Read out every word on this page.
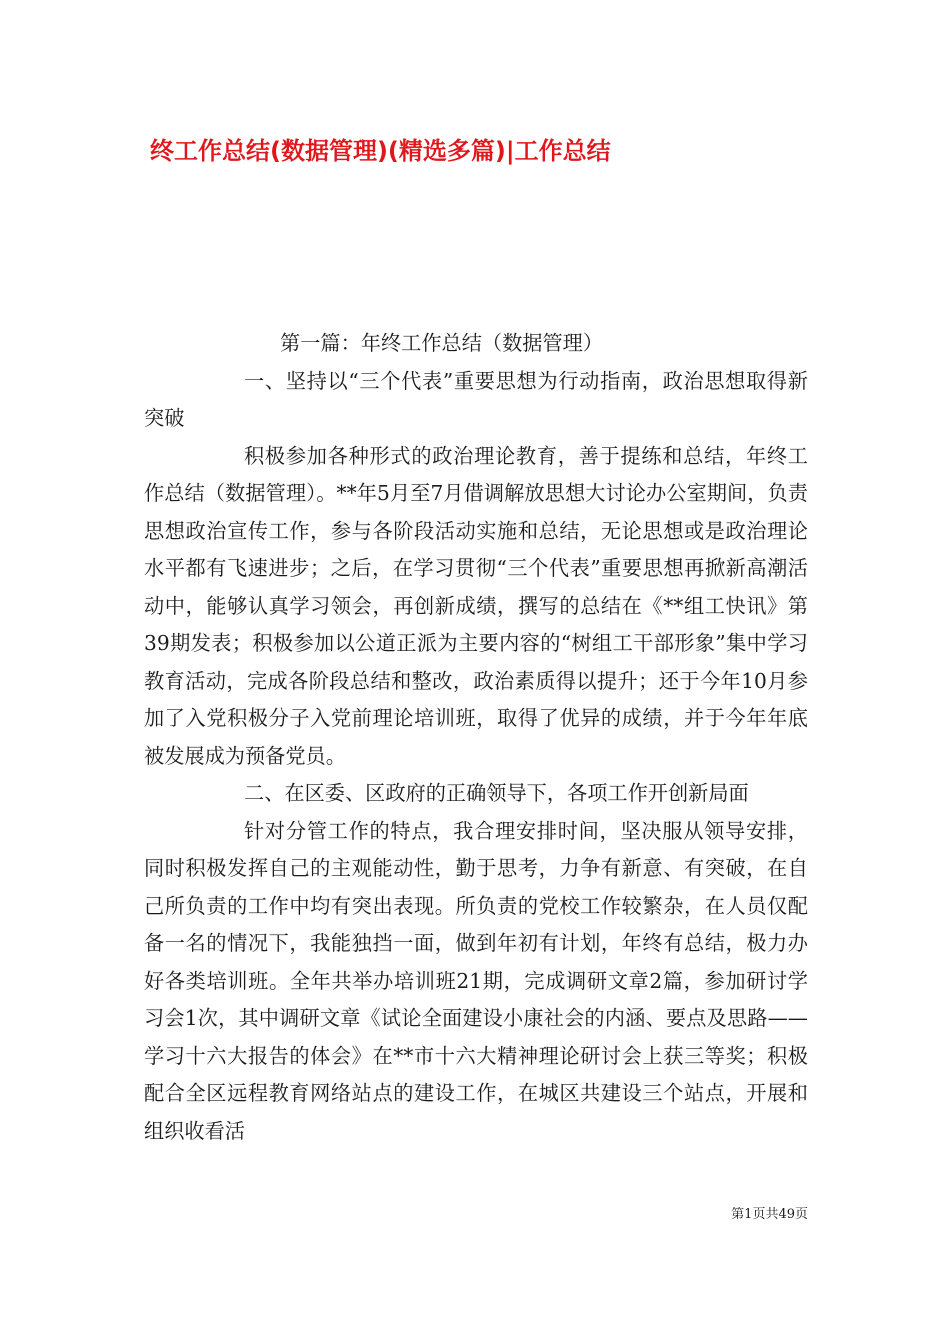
终工作总结(数据管理)(精选多篇)|工作总结

第一篇：年终工作总结（数据管理）

一、坚持以“三个代表”重要思想为行动指南，政治思想取得新突破

积极参加各种形式的政治理论教育，善于提练和总结，年终工作总结（数据管理）。**年5月至7月借调解放思想大讨论办公室期间，负责思想政治宣传工作，参与各阶段活动实施和总结，无论思想或是政治理论水平都有飞速进步；之后，在学习贯彻“三个代表”重要思想再掀新高潮活动中，能够认真学习领会，再创新成绩，撰写的总结在《**组工快讯》第39期发表；积极参加以公道正派为主要内容的“树组工干部形象”集中学习教育活动，完成各阶段总结和整改，政治素质得以提升；还于今年10月参加了入党积极分子入党前理论培训班，取得了优异的成绩，并于今年年底被发展成为预备党员。

二、在区委、区政府的正确领导下，各项工作开创新局面

针对分管工作的特点，我合理安排时间，坚决服从领导安排，同时积极发挥自己的主观能动性，勤于思考，力争有新意、有突破，在自己所负责的工作中均有突出表现。所负责的党校工作较繁杂，在人员仅配备一名的情况下，我能独挡一面，做到年初有计划，年终有总结，极力办好各类培训班。全年共举办培训班21期，完成调研文章2篇，参加研讨学习会1次，其中调研文章《试论全面建设小康社会的内涵、要点及思路——学习十六大报告的体会》在**市十六大精神理论研讨会上获三等奖；积极配合全区远程教育网络站点的建设工作，在城区共建设三个站点，开展和组织收看活

第1页共49页
